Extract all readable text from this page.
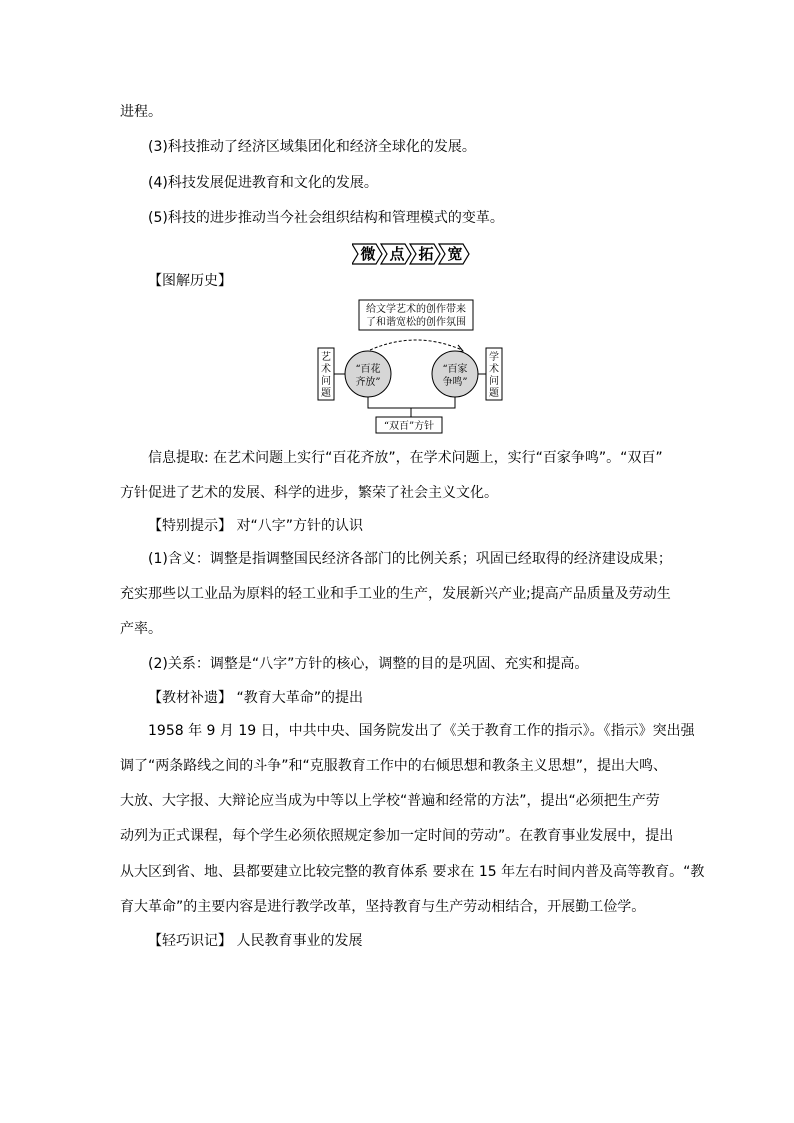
进程。
(3)科技推动了经济区域集团化和经济全球化的发展。
(4)科技发展促进教育和文化的发展。
(5)科技的进步推动当今社会组织结构和管理模式的变革。
微 点 拓 宽
【图解历史】
给文学艺术的创作带来
了和谐宽松的创作氛围
艺
术
问
题
学
术
问
题
“百花
齐放”
“百家
争鸣”
“双百”方针
信息提取: 在艺术问题上实行“百花齐放”，在学术问题上，实行“百家争鸣”。“双百”
方针促进了艺术的发展、科学的进步，繁荣了社会主义文化。
【特别提示】 对“八字”方针的认识
(1)含义：调整是指调整国民经济各部门的比例关系；巩固已经取得的经济建设成果；
充实那些以工业品为原料的轻工业和手工业的生产，发展新兴产业;提高产品质量及劳动生
产率。
(2)关系：调整是“八字”方针的核心，调整的目的是巩固、充实和提高。
【教材补遗】 “教育大革命”的提出
1958 年 9 月 19 日，中共中央、国务院发出了《关于教育工作的指示》。《指示》突出强
调了“两条路线之间的斗争”和“克服教育工作中的右倾思想和教条主义思想”，提出大鸣、
大放、大字报、大辩论应当成为中等以上学校“普遍和经常的方法”，提出“必须把生产劳
动列为正式课程，每个学生必须依照规定参加一定时间的劳动”。在教育事业发展中，提出
从大区到省、地、县都要建立比较完整的教育体系 要求在 15 年左右时间内普及高等教育。“教
育大革命”的主要内容是进行教学改革，坚持教育与生产劳动相结合，开展勤工俭学。
【轻巧识记】 人民教育事业的发展
